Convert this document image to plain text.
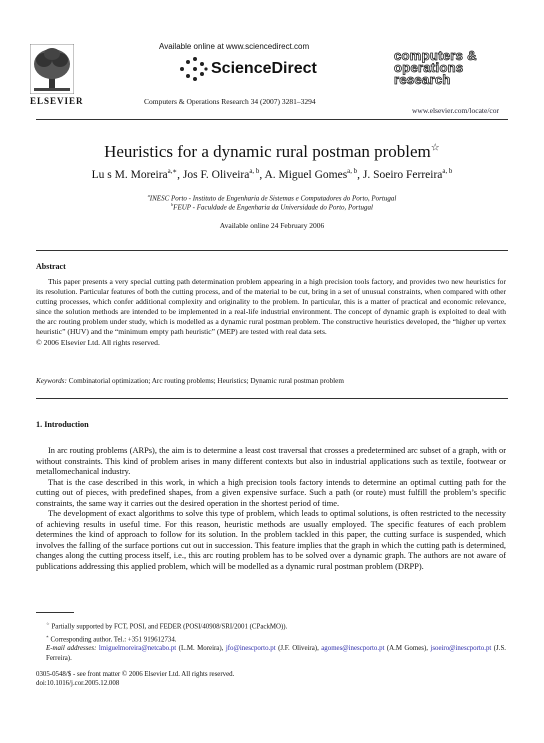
ELSEVIER
Available online at www.sciencedirect.com
ScienceDirect
Computers & Operations Research 34 (2007) 3281–3294
computers &
operations
research
www.elsevier.com/locate/cor
Heuristics for a dynamic rural postman problem☆
Lu s M. Moreira$^{a,∗}$, Jos F. Oliveira$^{a, b}$, A. Miguel Gomes$^{a, b}$, J. Soeiro Ferreira$^{a, b}$
$^a$INESC Porto - Instituto de Engenharia de Sistemas e Computadores do Porto, Portugal
$^b$FEUP - Faculdade de Engenharia da Universidade do Porto, Portugal
Available online 24 February 2006
Abstract

This paper presents a very special cutting path determination problem appearing in a high precision tools factory, and provides two new heuristics for its resolution. Particular features of both the cutting process, and of the material to be cut, bring in a set of unusual constraints, when compared with other cutting processes, which confer additional complexity and originality to the problem. In particular, this is a matter of practical and economic relevance, since the solution methods are intended to be implemented in a real-life industrial environment. The concept of dynamic graph is exploited to deal with the arc routing problem under study, which is modelled as a dynamic rural postman problem. The constructive heuristics developed, the “higher up vertex heuristic” (HUV) and the “minimum empty path heuristic” (MEP) are tested with real data sets.

© 2006 Elsevier Ltd. All rights reserved.

Keywords: Combinatorial optimization; Arc routing problems; Heuristics; Dynamic rural postman problem
1. Introduction

In arc routing problems (ARPs), the aim is to determine a least cost traversal that crosses a predetermined arc subset of a graph, with or without constraints. This kind of problem arises in many different contexts but also in industrial applications such as textile, footwear or metallomechanical industry.

That is the case described in this work, in which a high precision tools factory intends to determine an optimal cutting path for the cutting out of pieces, with predefined shapes, from a given expensive surface. Such a path (or route) must fulfill the problem’s specific constraints, the same way it carries out the desired operation in the shortest period of time.

The development of exact algorithms to solve this type of problem, which leads to optimal solutions, is often restricted to the necessity of achieving results in useful time. For this reason, heuristic methods are usually employed. The specific features of each problem determines the kind of approach to follow for its solution. In the problem tackled in this paper, the cutting surface is suspended, which involves the falling of the surface portions cut out in succession. This feature implies that the graph in which the cutting path is determined, changes along the cutting process itself, i.e., this arc routing problem has to be solved over a dynamic graph. The authors are not aware of publications addressing this applied problem, which will be modelled as a dynamic rural postman problem (DRPP).

☆ Partially supported by FCT, POSI, and FEDER (POSI/40908/SRI/2001 (CPackMO)).

∗ Corresponding author. Tel.: +351 919612734.

E-mail addresses: lmiguelmoreira@netcabo.pt (L.M. Moreira), jfo@inescporto.pt (J.F. Oliveira), agomes@inescporto.pt (A.M Gomes), jsoeiro@inescporto.pt (J.S. Ferreira).

0305-0548/$ - see front matter © 2006 Elsevier Ltd. All rights reserved.

doi:10.1016/j.cor.2005.12.008
